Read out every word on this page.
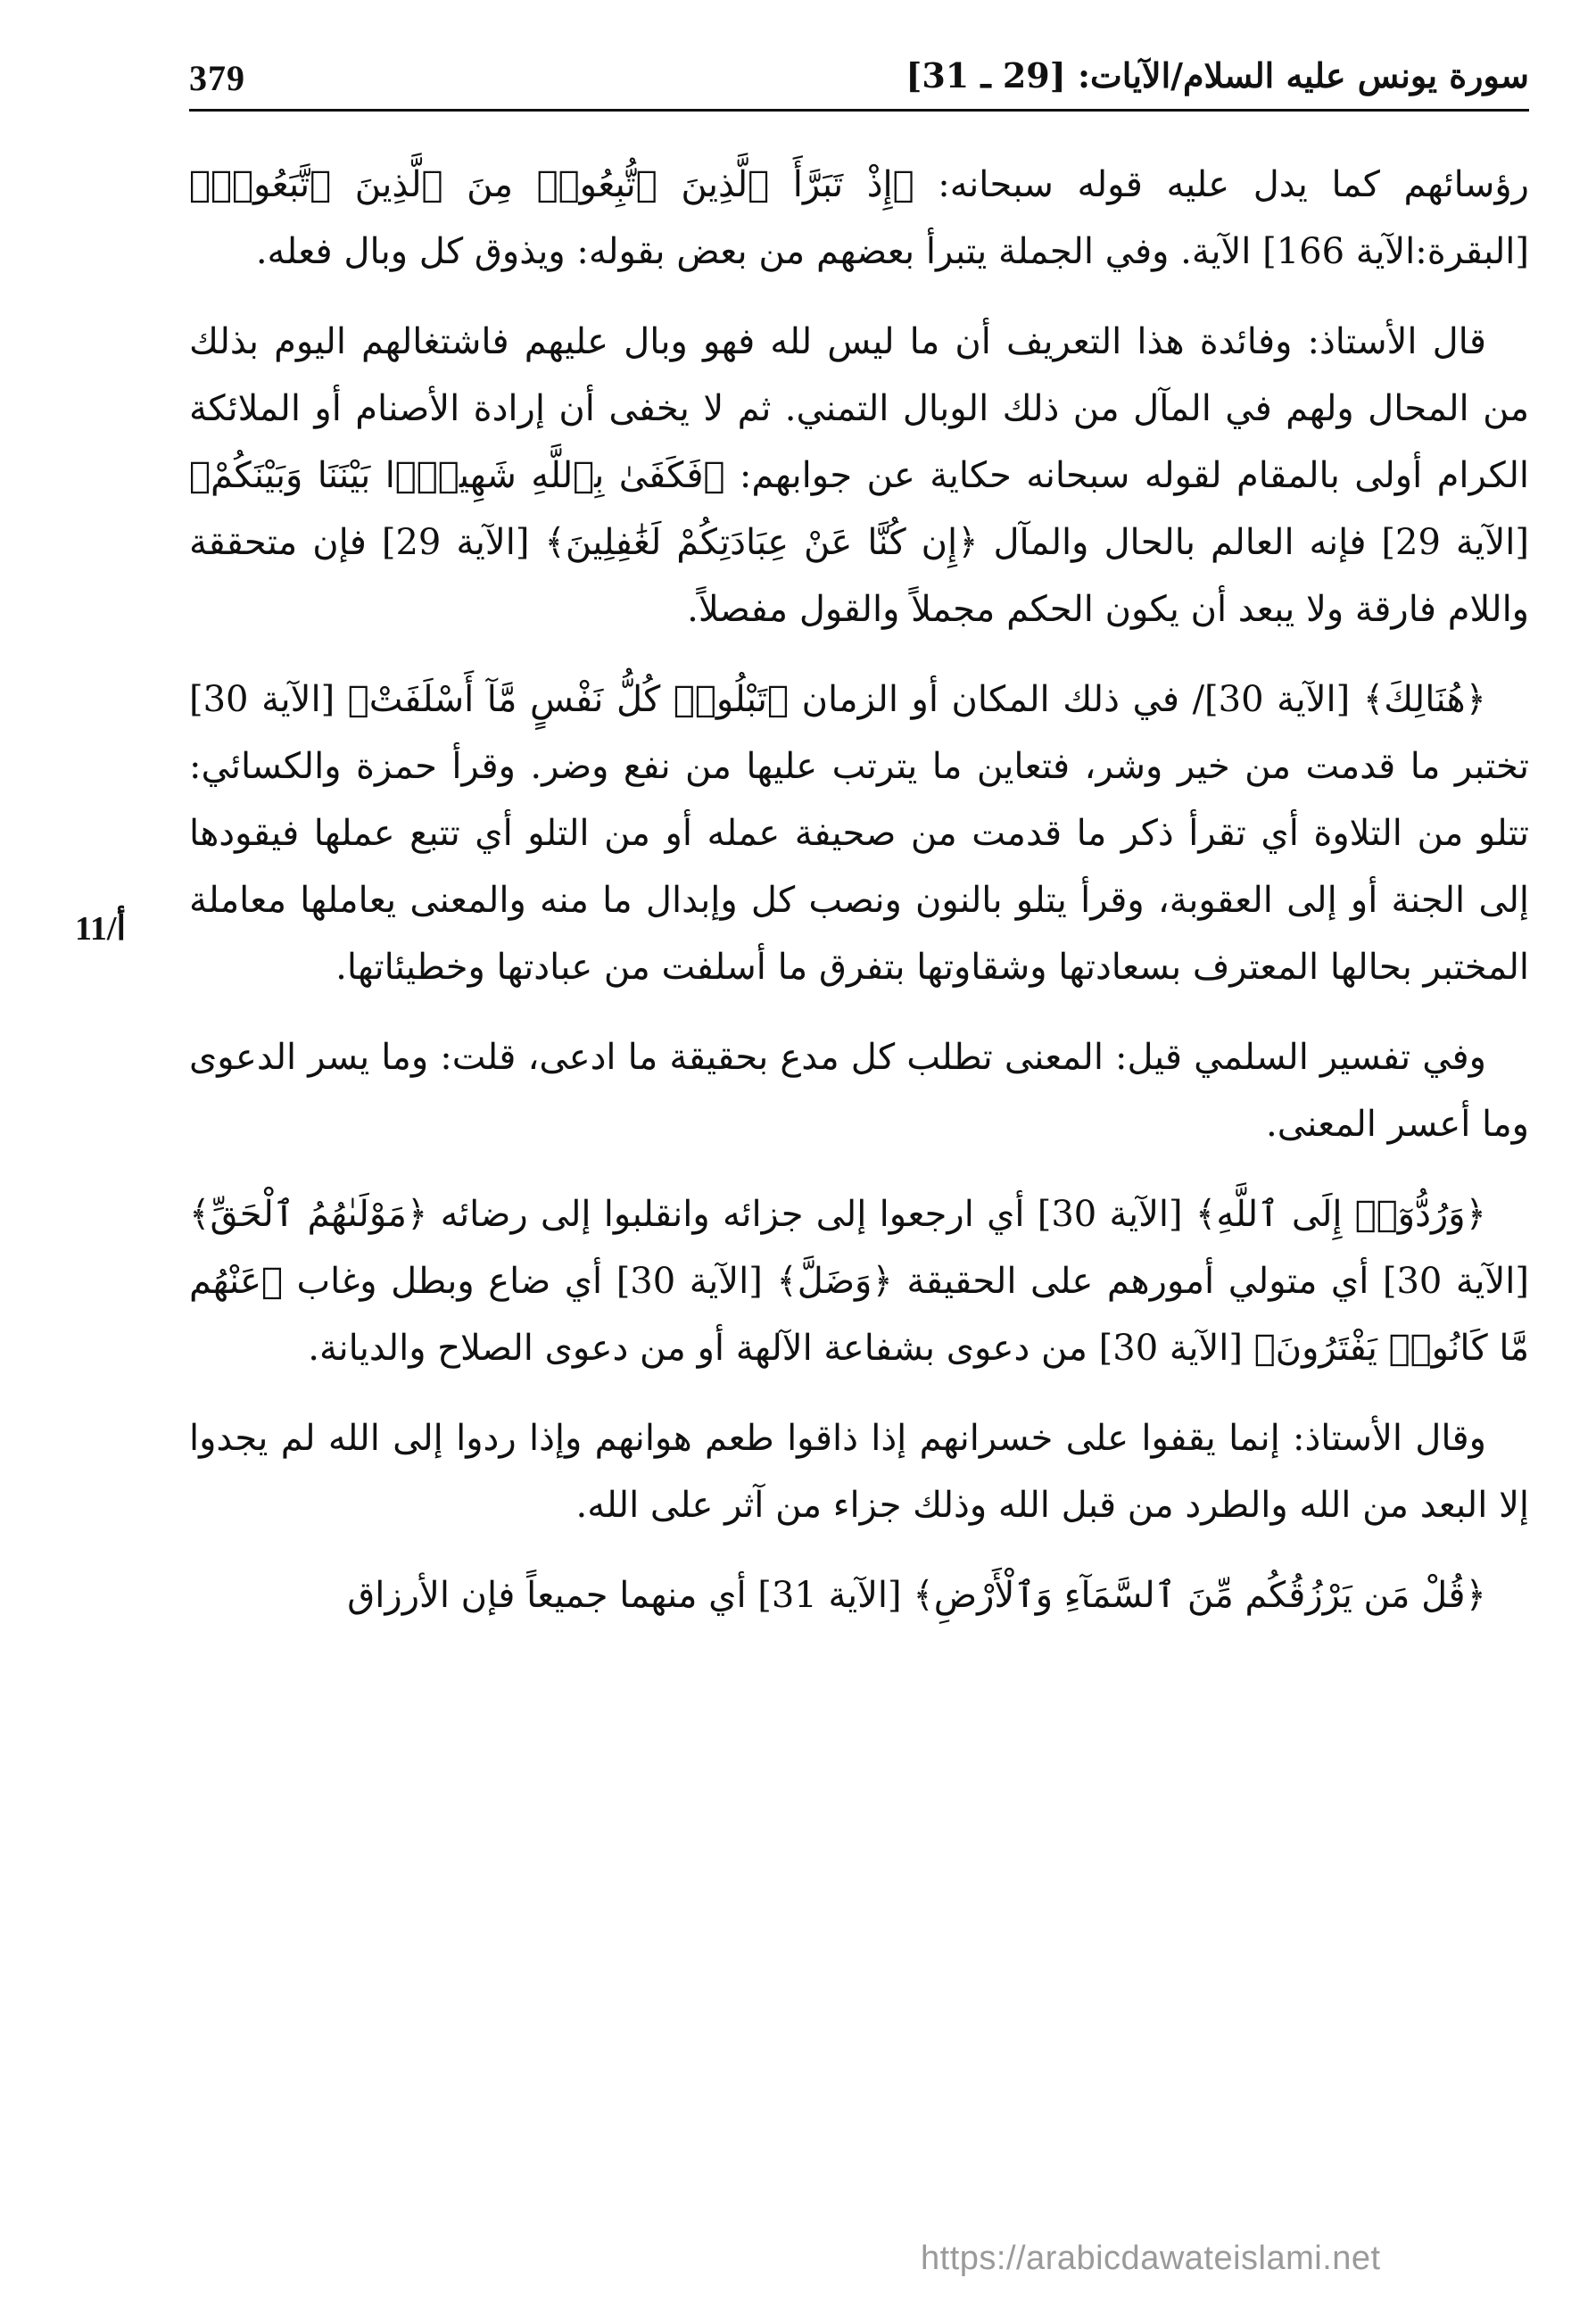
379	سورة يونس عليه السلام/الآيات: [29 ـ 31]
11/أ

رؤسائهم كما يدل عليه قوله سبحانه: ﴿إِذْ تَبَرَّأَ ٱلَّذِينَ ٱتُّبِعُوا۟ مِنَ ٱلَّذِينَ ٱتَّبَعُوا۟﴾ [البقرة:الآية 166] الآية. وفي الجملة يتبرأ بعضهم من بعض بقوله: ويذوق كل وبال فعله.

قال الأستاذ: وفائدة هذا التعريف أن ما ليس لله فهو وبال عليهم فاشتغالهم اليوم بذلك من المحال ولهم في المآل من ذلك الوبال التمني. ثم لا يخفى أن إرادة الأصنام أو الملائكة الكرام أولى بالمقام لقوله سبحانه حكاية عن جوابهم: ﴿فَكَفَىٰ بِٱللَّهِ شَهِيدًۢا بَيْنَنَا وَبَيْنَكُمْ﴾ [الآية 29] فإنه العالم بالحال والمآل ﴿إِن كُنَّا عَنْ عِبَادَتِكُمْ لَغَٰفِلِينَ﴾ [الآية 29] فإن متحققة واللام فارقة ولا يبعد أن يكون الحكم مجملاً والقول مفصلاً.

﴿هُنَالِكَ﴾ [الآية 30]/ في ذلك المكان أو الزمان ﴿تَبْلُوا۟ كُلُّ نَفْسٍ مَّآ أَسْلَفَتْ﴾ [الآية 30] تختبر ما قدمت من خير وشر، فتعاين ما يترتب عليها من نفع وضر. وقرأ حمزة والكسائي: تتلو من التلاوة أي تقرأ ذكر ما قدمت من صحيفة عمله أو من التلو أي تتبع عملها فيقودها إلى الجنة أو إلى العقوبة، وقرأ يتلو بالنون ونصب كل وإبدال ما منه والمعنى يعاملها معاملة المختبر بحالها المعترف بسعادتها وشقاوتها بتفرق ما أسلفت من عبادتها وخطيئاتها.

وفي تفسير السلمي قيل: المعنى تطلب كل مدع بحقيقة ما ادعى، قلت: وما يسر الدعوى وما أعسر المعنى.

﴿وَرُدُّوٓا۟ إِلَى ٱللَّهِ﴾ [الآية 30] أي ارجعوا إلى جزائه وانقلبوا إلى رضائه ﴿مَوْلَىٰهُمُ ٱلْحَقِّ﴾ [الآية 30] أي متولي أمورهم على الحقيقة ﴿وَضَلَّ﴾ [الآية 30] أي ضاع وبطل وغاب ﴿عَنْهُم مَّا كَانُوا۟ يَفْتَرُونَ﴾ [الآية 30] من دعوى بشفاعة الآلهة أو من دعوى الصلاح والديانة.

وقال الأستاذ: إنما يقفوا على خسرانهم إذا ذاقوا طعم هوانهم وإذا ردوا إلى الله لم يجدوا إلا البعد من الله والطرد من قبل الله وذلك جزاء من آثر على الله.

﴿قُلْ مَن يَرْزُقُكُم مِّنَ ٱلسَّمَآءِ وَٱلْأَرْضِ﴾ [الآية 31] أي منهما جميعاً فإن الأرزاق

https://arabicdawateislami.net
